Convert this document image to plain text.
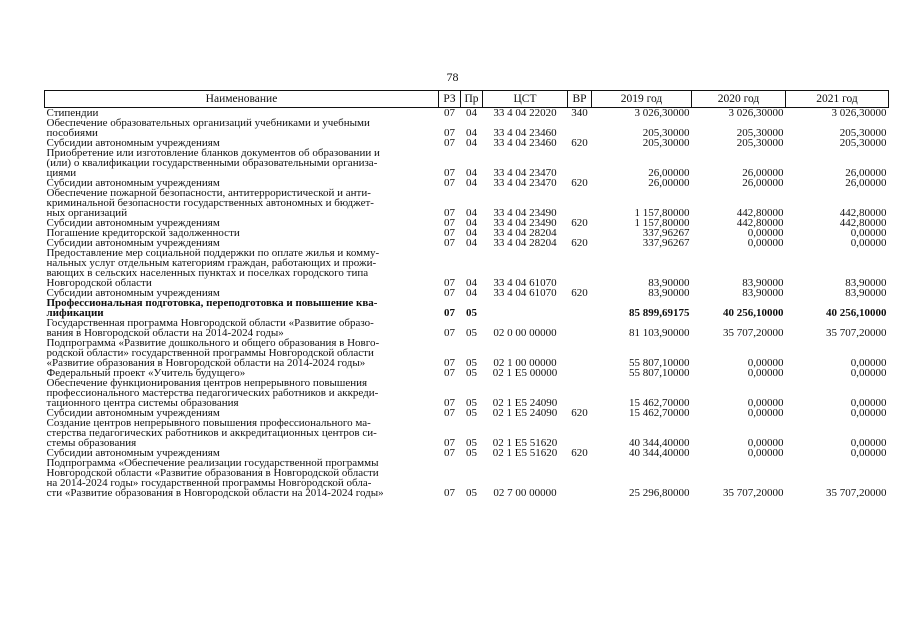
78
Наименование	РЗ	Пр	ЦСТ	ВР	2019 год	2020 год	2021 год

Стипендии	07	04	33 4 04 22020	340	3 026,30000	3 026,30000	3 026,30000

Обеспечение образовательных организаций учебниками и учебными
пособиями	07	04	33 4 04 23460		205,30000	205,30000	205,30000

Субсидии автономным учреждениям	07	04	33 4 04 23460	620	205,30000	205,30000	205,30000

Приобретение или изготовление бланков документов об образовании и
(или) о квалификации государственными образовательными организа-
циями	07	04	33 4 04 23470		26,00000	26,00000	26,00000

Субсидии автономным учреждениям	07	04	33 4 04 23470	620	26,00000	26,00000	26,00000

Обеспечение пожарной безопасности, антитеррористической и анти-
криминальной безопасности государственных автономных и бюджет-
ных организаций	07	04	33 4 04 23490		1 157,80000	442,80000	442,80000

Субсидии автономным учреждениям	07	04	33 4 04 23490	620	1 157,80000	442,80000	442,80000

Погашение кредиторской задолженности	07	04	33 4 04 28204		337,96267	0,00000	0,00000

Субсидии автономным учреждениям	07	04	33 4 04 28204	620	337,96267	0,00000	0,00000

Предоставление мер социальной поддержки по оплате жилья и комму-
нальных услуг отдельным категориям граждан, работающих и прожи-
вающих в сельских населенных пунктах и поселках городского типа
Новгородской области	07	04	33 4 04 61070		83,90000	83,90000	83,90000

Субсидии автономным учреждениям	07	04	33 4 04 61070	620	83,90000	83,90000	83,90000

Профессиональная подготовка, переподготовка и повышение ква-
лификации	07	05			85 899,69175	40 256,10000	40 256,10000

Государственная программа Новгородской области «Развитие образо-
вания в Новгородской области на 2014-2024 годы»	07	05	02 0 00 00000		81 103,90000	35 707,20000	35 707,20000

Подпрограмма «Развитие дошкольного и общего образования в Новго-
родской области» государственной программы Новгородской области
«Развитие образования в Новгородской области на 2014-2024 годы»	07	05	02 1 00 00000		55 807,10000	0,00000	0,00000

Федеральный проект «Учитель будущего»	07	05	02 1 E5 00000		55 807,10000	0,00000	0,00000

Обеспечение функционирования центров непрерывного повышения
профессионального мастерства педагогических работников и аккреди-
тационного центра системы образования	07	05	02 1 E5 24090		15 462,70000	0,00000	0,00000

Субсидии автономным учреждениям	07	05	02 1 E5 24090	620	15 462,70000	0,00000	0,00000

Создание центров непрерывного повышения профессионального ма-
стерства педагогических работников и аккредитационных центров си-
стемы образования	07	05	02 1 E5 51620		40 344,40000	0,00000	0,00000

Субсидии автономным учреждениям	07	05	02 1 E5 51620	620	40 344,40000	0,00000	0,00000

Подпрограмма «Обеспечение реализации государственной программы
Новгородской области «Развитие образования в Новгородской области
на 2014-2024 годы» государственной программы Новгородской обла-
сти «Развитие образования в Новгородской области на 2014-2024 годы»	07	05	02 7 00 00000		25 296,80000	35 707,20000	35 707,20000
